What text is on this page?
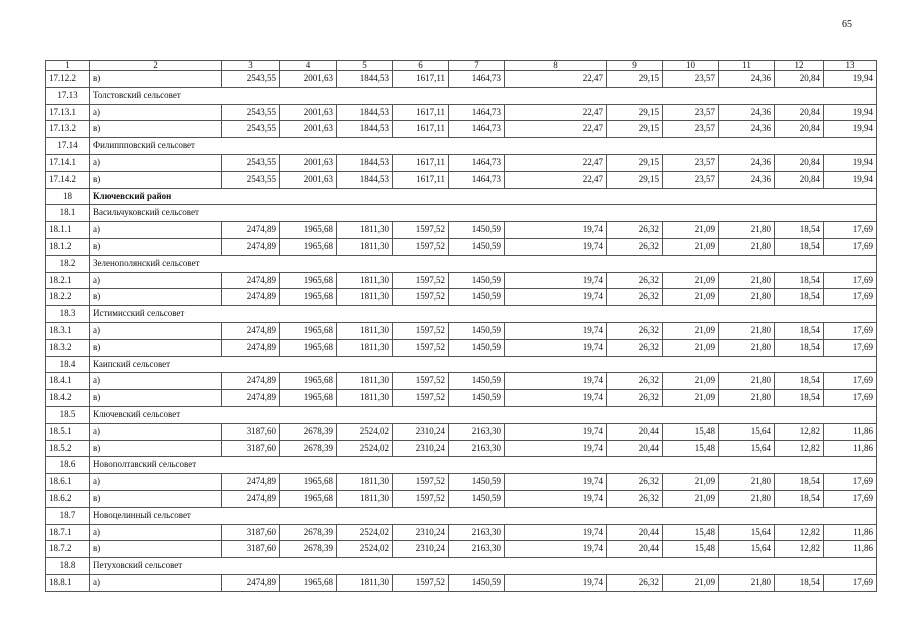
65
1	2	3	4	5	6	7	8	9	10	11	12	13
17.12.2	в)	2543,55	2001,63	1844,53	1617,11	1464,73	22,47	29,15	23,57	24,36	20,84	19,94
17.13	Толстовский сельсовет											
17.13.1	а)	2543,55	2001,63	1844,53	1617,11	1464,73	22,47	29,15	23,57	24,36	20,84	19,94
17.13.2	в)	2543,55	2001,63	1844,53	1617,11	1464,73	22,47	29,15	23,57	24,36	20,84	19,94
17.14	Филиппповский сельсовет											
17.14.1	а)	2543,55	2001,63	1844,53	1617,11	1464,73	22,47	29,15	23,57	24,36	20,84	19,94
17.14.2	в)	2543,55	2001,63	1844,53	1617,11	1464,73	22,47	29,15	23,57	24,36	20,84	19,94
18	Ключевский район											
18.1	Васильчуковский сельсовет											
18.1.1	а)	2474,89	1965,68	1811,30	1597,52	1450,59	19,74	26,32	21,09	21,80	18,54	17,69
18.1.2	в)	2474,89	1965,68	1811,30	1597,52	1450,59	19,74	26,32	21,09	21,80	18,54	17,69
18.2	Зеленополянский сельсовет											
18.2.1	а)	2474,89	1965,68	1811,30	1597,52	1450,59	19,74	26,32	21,09	21,80	18,54	17,69
18.2.2	в)	2474,89	1965,68	1811,30	1597,52	1450,59	19,74	26,32	21,09	21,80	18,54	17,69
18.3	Истимисский сельсовет											
18.3.1	а)	2474,89	1965,68	1811,30	1597,52	1450,59	19,74	26,32	21,09	21,80	18,54	17,69
18.3.2	в)	2474,89	1965,68	1811,30	1597,52	1450,59	19,74	26,32	21,09	21,80	18,54	17,69
18.4	Каипский сельсовет											
18.4.1	а)	2474,89	1965,68	1811,30	1597,52	1450,59	19,74	26,32	21,09	21,80	18,54	17,69
18.4.2	в)	2474,89	1965,68	1811,30	1597,52	1450,59	19,74	26,32	21,09	21,80	18,54	17,69
18.5	Ключевский сельсовет											
18.5.1	а)	3187,60	2678,39	2524,02	2310,24	2163,30	19,74	20,44	15,48	15,64	12,82	11,86
18.5.2	в)	3187,60	2678,39	2524,02	2310,24	2163,30	19,74	20,44	15,48	15,64	12,82	11,86
18.6	Новополтавский сельсовет											
18.6.1	а)	2474,89	1965,68	1811,30	1597,52	1450,59	19,74	26,32	21,09	21,80	18,54	17,69
18.6.2	в)	2474,89	1965,68	1811,30	1597,52	1450,59	19,74	26,32	21,09	21,80	18,54	17,69
18.7	Новоцелинный сельсовет											
18.7.1	а)	3187,60	2678,39	2524,02	2310,24	2163,30	19,74	20,44	15,48	15,64	12,82	11,86
18.7.2	в)	3187,60	2678,39	2524,02	2310,24	2163,30	19,74	20,44	15,48	15,64	12,82	11,86
18.8	Петуховский сельсовет											
18.8.1	а)	2474,89	1965,68	1811,30	1597,52	1450,59	19,74	26,32	21,09	21,80	18,54	17,69
